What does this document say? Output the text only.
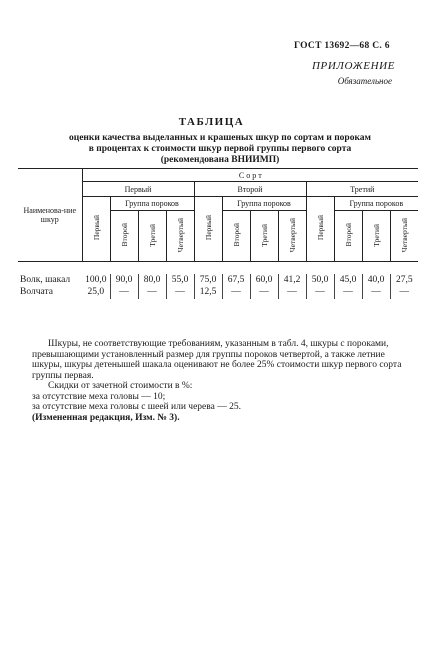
ГОСТ 13692—68 С. 6
ПРИЛОЖЕНИЕ
Обязательное
ТАБЛИЦА
оценки качества выделанных и крашеных шкур по сортам и порокам
в процентах к стоимости шкур первой группы первого сорта
(рекомендована ВНИИМП)
Наименова-ние шкур	С о р т											
	Первый				Второй				Третий			
	Первый	Группа пороков			Первый	Группа пороков			Первый	Группа пороков		
		Второй	Третий	Четвертый		Второй	Третий	Четвертый		Второй	Третий	Четвертый

Волк, шакал	100,0	90,0	80,0	55,0	75,0	67,5	60,0	41,2	50,0	45,0	40,0	27,5
Волчата	25,0	—	—	—	12,5	—	—	—	—	—	—	—

Шкуры, не соответствующие требованиям, указанным в табл. 4, шкуры с пороками, превышающими установленный размер для группы пороков четвертой, а также летние шкуры, шкуры детенышей шакала оценивают не более 25% стоимости шкур первого сорта группы первая.

Скидки от зачетной стоимости в %:

за отсутствие меха головы — 10;

за отсутствие меха головы с шеей или черева — 25.

(Измененная редакция, Изм. № 3).
